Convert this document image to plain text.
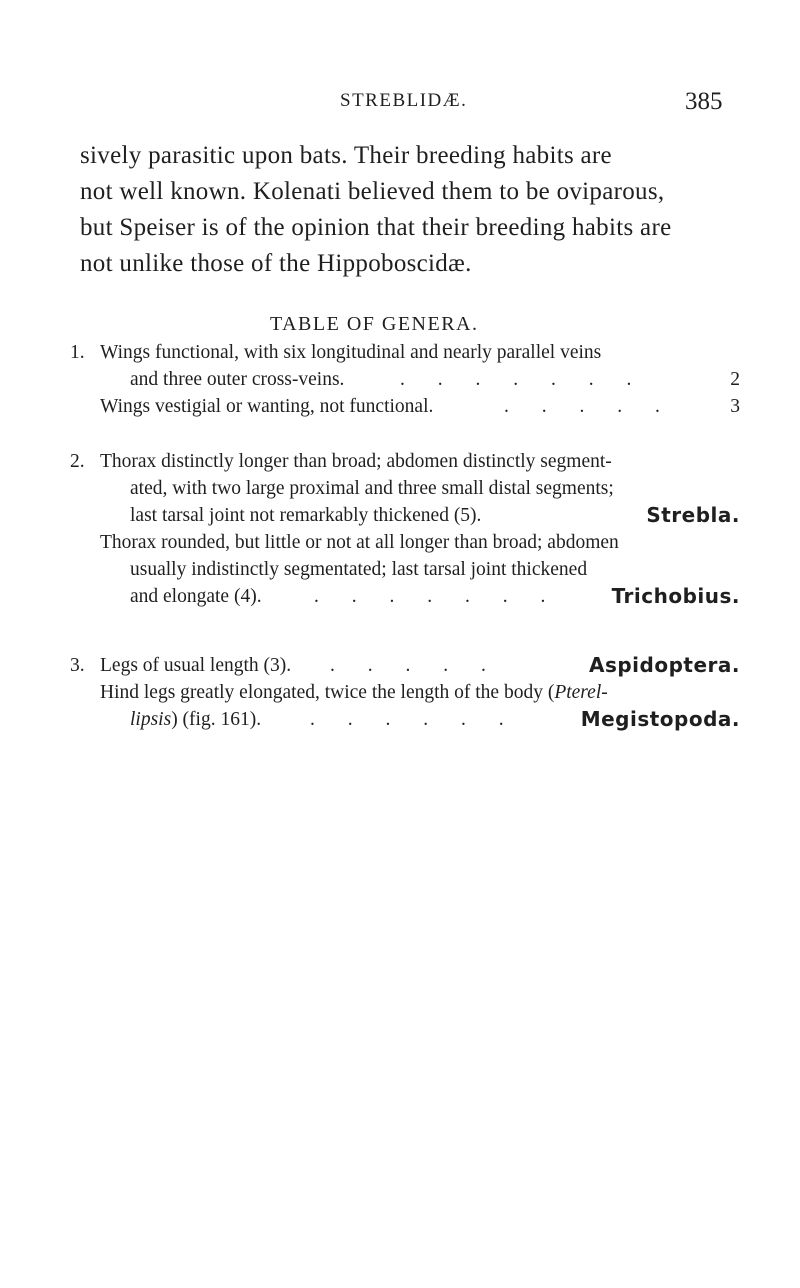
STREBLIDÆ.	385

sively parasitic upon bats. Their breeding habits are
not well known. Kolenati believed them to be oviparous,
but Speiser is of the opinion that their breeding habits are
not unlike those of the Hippoboscidæ.

TABLE OF GENERA.
1. Wings functional, with six longitudinal and nearly parallel veins
and three outer cross-veins.	. . . . . . .	2
Wings vestigial or wanting, not functional.	. . . . .	3
2. Thorax distinctly longer than broad; abdomen distinctly segment-
ated, with two large proximal and three small distal segments;
last tarsal joint not remarkably thickened (5).	Strebla.
Thorax rounded, but little or not at all longer than broad; abdomen
usually indistinctly segmentated; last tarsal joint thickened
and elongate (4).	. . . . . . .	Trichobius.
3. Legs of usual length (3). . . . . .	Aspidoptera.
Hind legs greatly elongated, twice the length of the body (Pterel-
lipsis) (fig. 161).	. . . . . .	Megistopoda.
